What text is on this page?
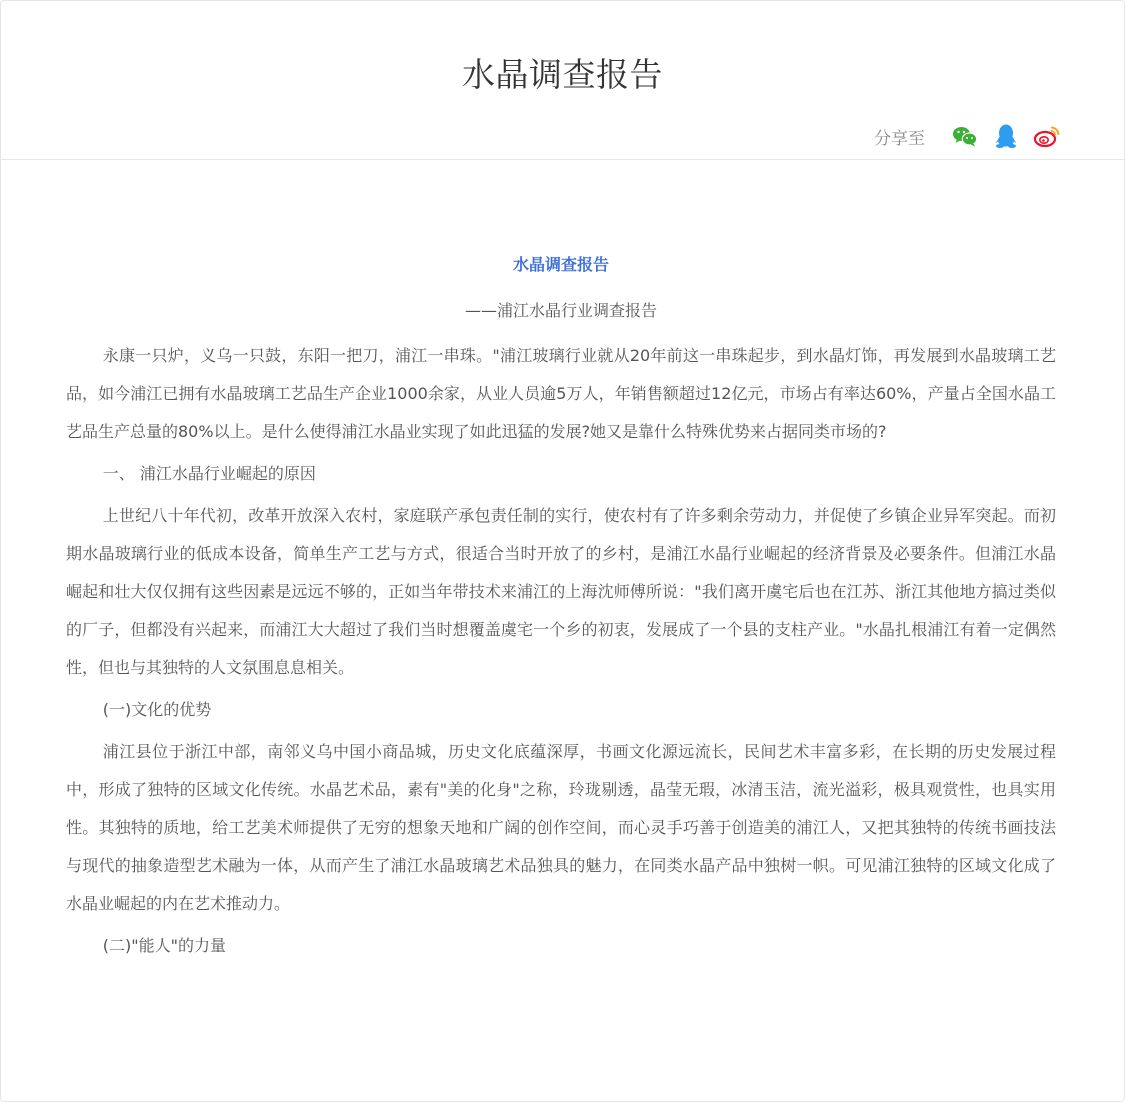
水晶调查报告
分享至

水晶调查报告

——浦江水晶行业调查报告

永康一只炉，义乌一只鼓，东阳一把刀，浦江一串珠。"浦江玻璃行业就从20年前这一串珠起步，到水晶灯饰，再发展到水晶玻璃工艺品，如今浦江已拥有水晶玻璃工艺品生产企业1000余家，从业人员逾5万人，年销售额超过12亿元，市场占有率达60%，产量占全国水晶工艺品生产总量的80%以上。是什么使得浦江水晶业实现了如此迅猛的发展?她又是靠什么特殊优势来占据同类市场的?

一、 浦江水晶行业崛起的原因

上世纪八十年代初，改革开放深入农村，家庭联产承包责任制的实行，使农村有了许多剩余劳动力，并促使了乡镇企业异军突起。而初期水晶玻璃行业的低成本设备，简单生产工艺与方式，很适合当时开放了的乡村，是浦江水晶行业崛起的经济背景及必要条件。但浦江水晶崛起和壮大仅仅拥有这些因素是远远不够的，正如当年带技术来浦江的上海沈师傅所说："我们离开虞宅后也在江苏、浙江其他地方搞过类似的厂子，但都没有兴起来，而浦江大大超过了我们当时想覆盖虞宅一个乡的初衷，发展成了一个县的支柱产业。"水晶扎根浦江有着一定偶然性，但也与其独特的人文氛围息息相关。

(一)文化的优势

浦江县位于浙江中部，南邻义乌中国小商品城，历史文化底蕴深厚，书画文化源远流长，民间艺术丰富多彩，在长期的历史发展过程中，形成了独特的区域文化传统。水晶艺术品，素有"美的化身"之称，玲珑剔透，晶莹无瑕，冰清玉洁，流光溢彩，极具观赏性，也具实用性。其独特的质地，给工艺美术师提供了无穷的想象天地和广阔的创作空间，而心灵手巧善于创造美的浦江人，又把其独特的传统书画技法与现代的抽象造型艺术融为一体，从而产生了浦江水晶玻璃艺术品独具的魅力，在同类水晶产品中独树一帜。可见浦江独特的区域文化成了水晶业崛起的内在艺术推动力。

(二)"能人"的力量
